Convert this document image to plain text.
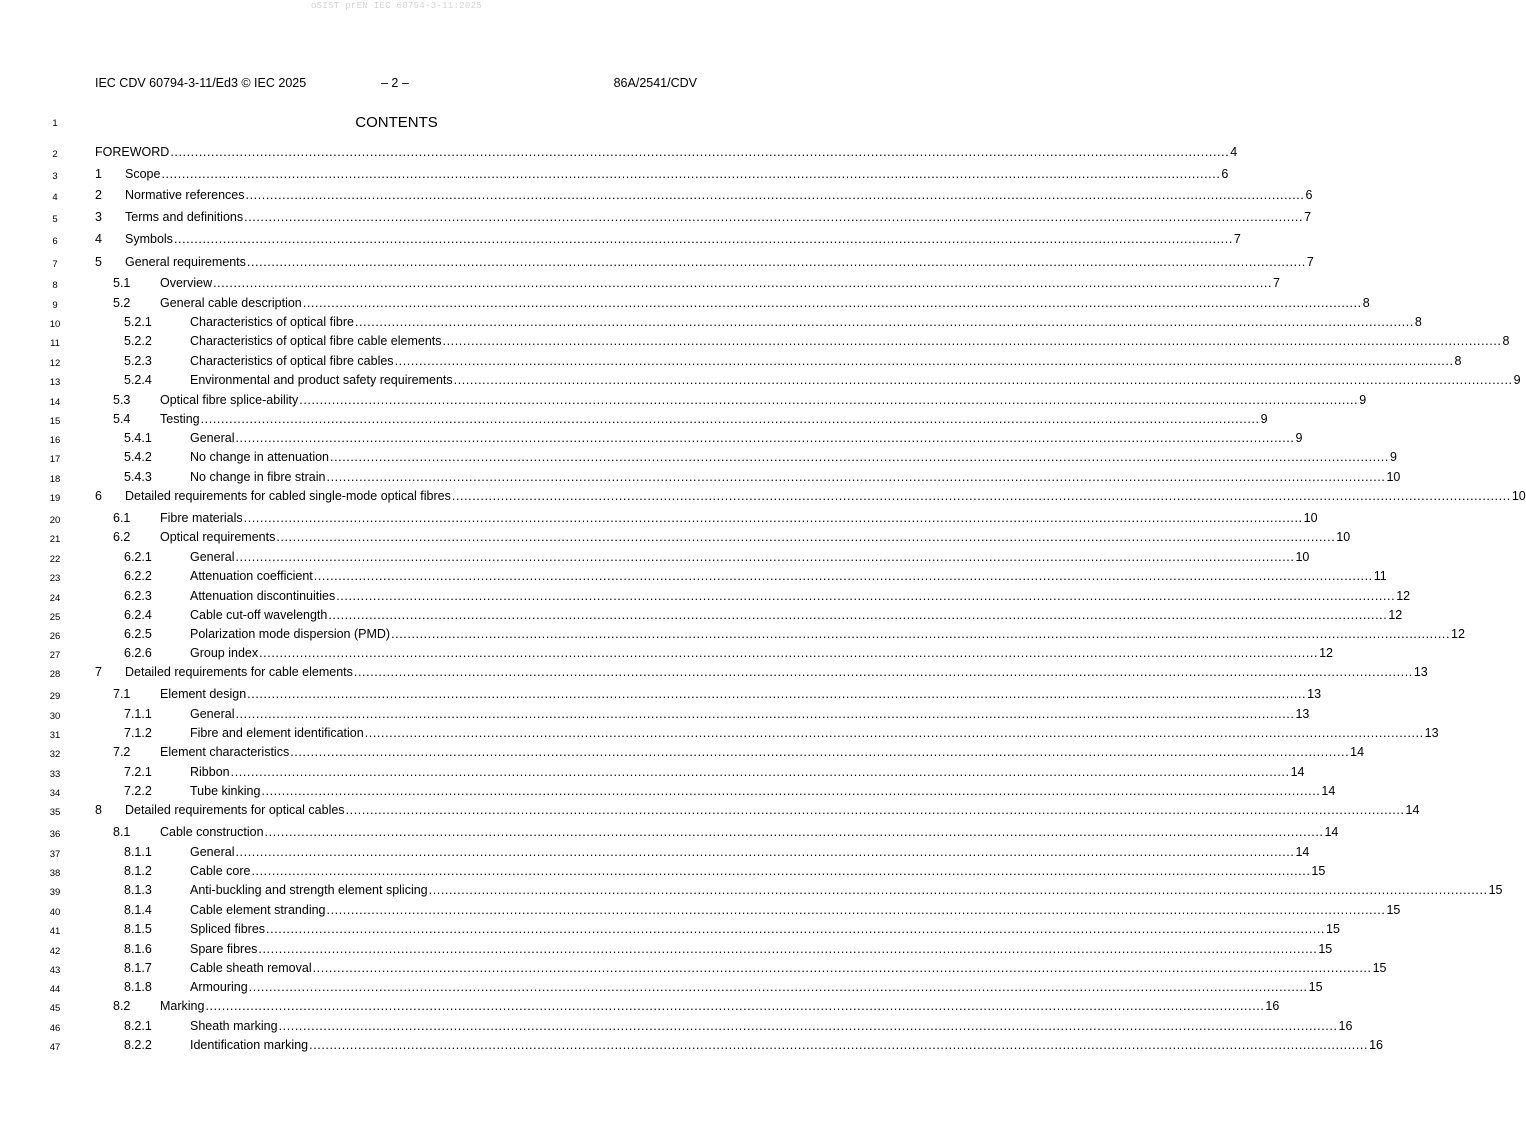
oSIST prEN IEC 60794-3-11:2025
IEC CDV 60794-3-11/Ed3 © IEC 2025	– 2 –	86A/2541/CDV
1	CONTENTS
2	FOREWORD .................................................................................................................................................................................................................................................................... 4
3	1	Scope .................................................................................................................................................................................................................................................................... 6
4	2	Normative references .................................................................................................................................................................................................................................................................... 6
5	3	Terms and definitions .................................................................................................................................................................................................................................................................... 7
6	4	Symbols .................................................................................................................................................................................................................................................................... 7
7	5	General requirements .................................................................................................................................................................................................................................................................... 7
8	5.1	Overview .................................................................................................................................................................................................................................................................... 7
9	5.2	General cable description .................................................................................................................................................................................................................................................................... 8
10	5.2.1	Characteristics of optical fibre .................................................................................................................................................................................................................................................................... 8
11	5.2.2	Characteristics of optical fibre cable elements .................................................................................................................................................................................................................................................................... 8
12	5.2.3	Characteristics of optical fibre cables .................................................................................................................................................................................................................................................................... 8
13	5.2.4	Environmental and product safety requirements .................................................................................................................................................................................................................................................................... 9
14	5.3	Optical fibre splice-ability .................................................................................................................................................................................................................................................................... 9
15	5.4	Testing .................................................................................................................................................................................................................................................................... 9
16	5.4.1	General .................................................................................................................................................................................................................................................................... 9
17	5.4.2	No change in attenuation .................................................................................................................................................................................................................................................................... 9
18	5.4.3	No change in fibre strain .................................................................................................................................................................................................................................................................... 10
19	6	Detailed requirements for cabled single-mode optical fibres .................................................................................................................................................................................................................................................................... 10
20	6.1	Fibre materials .................................................................................................................................................................................................................................................................... 10
21	6.2	Optical requirements .................................................................................................................................................................................................................................................................... 10
22	6.2.1	General .................................................................................................................................................................................................................................................................... 10
23	6.2.2	Attenuation coefficient .................................................................................................................................................................................................................................................................... 11
24	6.2.3	Attenuation discontinuities .................................................................................................................................................................................................................................................................... 12
25	6.2.4	Cable cut-off wavelength .................................................................................................................................................................................................................................................................... 12
26	6.2.5	Polarization mode dispersion (PMD) .................................................................................................................................................................................................................................................................... 12
27	6.2.6	Group index .................................................................................................................................................................................................................................................................... 12
28	7	Detailed requirements for cable elements .................................................................................................................................................................................................................................................................... 13
29	7.1	Element design .................................................................................................................................................................................................................................................................... 13
30	7.1.1	General .................................................................................................................................................................................................................................................................... 13
31	7.1.2	Fibre and element identification .................................................................................................................................................................................................................................................................... 13
32	7.2	Element characteristics .................................................................................................................................................................................................................................................................... 14
33	7.2.1	Ribbon .................................................................................................................................................................................................................................................................... 14
34	7.2.2	Tube kinking .................................................................................................................................................................................................................................................................... 14
35	8	Detailed requirements for optical cables .................................................................................................................................................................................................................................................................... 14
36	8.1	Cable construction .................................................................................................................................................................................................................................................................... 14
37	8.1.1	General .................................................................................................................................................................................................................................................................... 14
38	8.1.2	Cable core .................................................................................................................................................................................................................................................................... 15
39	8.1.3	Anti-buckling and strength element splicing .................................................................................................................................................................................................................................................................... 15
40	8.1.4	Cable element stranding .................................................................................................................................................................................................................................................................... 15
41	8.1.5	Spliced fibres .................................................................................................................................................................................................................................................................... 15
42	8.1.6	Spare fibres .................................................................................................................................................................................................................................................................... 15
43	8.1.7	Cable sheath removal .................................................................................................................................................................................................................................................................... 15
44	8.1.8	Armouring .................................................................................................................................................................................................................................................................... 15
45	8.2	Marking .................................................................................................................................................................................................................................................................... 16
46	8.2.1	Sheath marking .................................................................................................................................................................................................................................................................... 16
47	8.2.2	Identification marking .................................................................................................................................................................................................................................................................... 16
